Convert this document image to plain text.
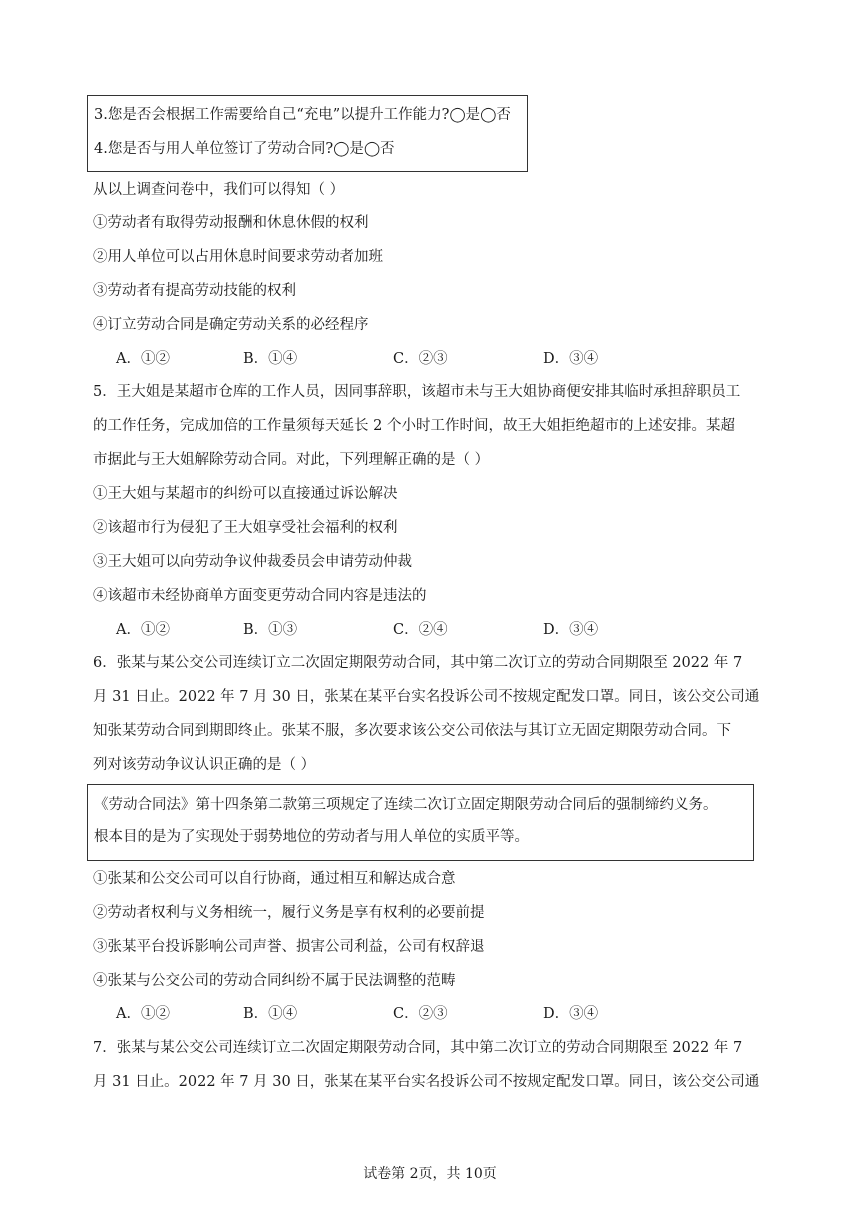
3.您是否会根据工作需要给自己“充电”以提升工作能力?◯是◯否
4.您是否与用人单位签订了劳动合同?◯是◯否
从以上调查问卷中，我们可以得知（ ）
①劳动者有取得劳动报酬和休息休假的权利
②用人单位可以占用休息时间要求劳动者加班
③劳动者有提高劳动技能的权利
④订立劳动合同是确定劳动关系的必经程序
A．①②	B．①④	C．②③	D．③④
5．王大姐是某超市仓库的工作人员，因同事辞职，该超市未与王大姐协商便安排其临时承担辞职员工
的工作任务，完成加倍的工作量须每天延长 2 个小时工作时间，故王大姐拒绝超市的上述安排。某超
市据此与王大姐解除劳动合同。对此，下列理解正确的是（ ）
①王大姐与某超市的纠纷可以直接通过诉讼解决
②该超市行为侵犯了王大姐享受社会福利的权利
③王大姐可以向劳动争议仲裁委员会申请劳动仲裁
④该超市未经协商单方面变更劳动合同内容是违法的
A．①②	B．①③	C．②④	D．③④
6．张某与某公交公司连续订立二次固定期限劳动合同，其中第二次订立的劳动合同期限至 2022 年 7
月 31 日止。2022 年 7 月 30 日，张某在某平台实名投诉公司不按规定配发口罩。同日，该公交公司通
知张某劳动合同到期即终止。张某不服，多次要求该公交公司依法与其订立无固定期限劳动合同。下
列对该劳动争议认识正确的是（ ）
《劳动合同法》第十四条第二款第三项规定了连续二次订立固定期限劳动合同后的强制缔约义务。
根本目的是为了实现处于弱势地位的劳动者与用人单位的实质平等。
①张某和公交公司可以自行协商，通过相互和解达成合意
②劳动者权利与义务相统一，履行义务是享有权利的必要前提
③张某平台投诉影响公司声誉、损害公司利益，公司有权辞退
④张某与公交公司的劳动合同纠纷不属于民法调整的范畴
A．①②	B．①④	C．②③	D．③④
7．张某与某公交公司连续订立二次固定期限劳动合同，其中第二次订立的劳动合同期限至 2022 年 7
月 31 日止。2022 年 7 月 30 日，张某在某平台实名投诉公司不按规定配发口罩。同日，该公交公司通
试卷第 2页，共 10页
